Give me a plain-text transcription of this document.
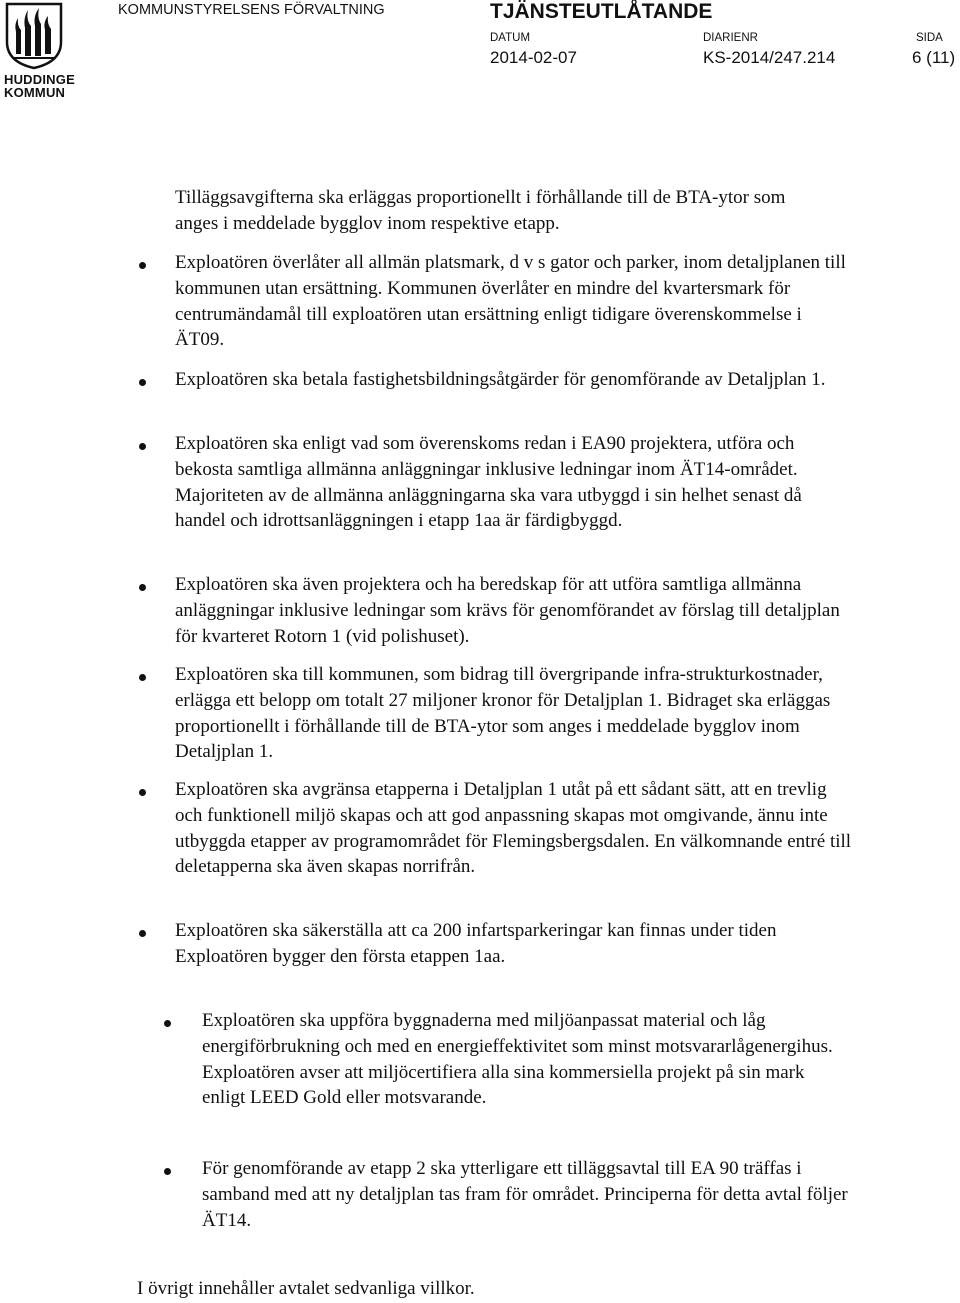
HUDDINGE
KOMMUN
KOMMUNSTYRELSENS FÖRVALTNING	TJÄNSTEUTLÅTANDE
DATUM
2014-02-07
DIARIENR
KS-2014/247.214
SIDA
6 (11)

Tilläggsavgifterna ska erläggas proportionellt i förhållande till de BTA-ytor som anges i meddelade bygglov inom respektive etapp.

Exploatören överlåter all allmän platsmark, d v s gator och parker, inom detaljplanen till kommunen utan ersättning. Kommunen överlåter en mindre del kvartersmark för centrumändamål till exploatören utan ersättning enligt tidigare överenskommelse i ÄT09.

Exploatören ska betala fastighetsbildningsåtgärder för genomförande av Detaljplan 1.

Exploatören ska enligt vad som överenskoms redan i EA90 projektera, utföra och bekosta samtliga allmänna anläggningar inklusive ledningar inom ÄT14-området. Majoriteten av de allmänna anläggningarna ska vara utbyggd i sin helhet senast då handel och idrottsanläggningen i etapp 1aa är färdigbyggd.

Exploatören ska även projektera och ha beredskap för att utföra samtliga allmänna anläggningar inklusive ledningar som krävs för genomförandet av förslag till detaljplan för kvarteret Rotorn 1 (vid polishuset).

Exploatören ska till kommunen, som bidrag till övergripande infra-strukturkostnader, erlägga ett belopp om totalt 27 miljoner kronor för Detaljplan 1. Bidraget ska erläggas proportionellt i förhållande till de BTA-ytor som anges i meddelade bygglov inom Detaljplan 1.

Exploatören ska avgränsa etapperna i Detaljplan 1 utåt på ett sådant sätt, att en trevlig och funktionell miljö skapas och att god anpassning skapas mot omgivande, ännu inte utbyggda etapper av programområdet för Flemingsbergsdalen. En välkomnande entré till deletapperna ska även skapas norrifrån.

Exploatören ska säkerställa att ca 200 infartsparkeringar kan finnas under tiden Exploatören bygger den första etappen 1aa.

Exploatören ska uppföra byggnaderna med miljöanpassat material och låg energiförbrukning och med en energieffektivitet som minst motsvararlågenergihus. Exploatören avser att miljöcertifiera alla sina kommersiella projekt på sin mark enligt LEED Gold eller motsvarande.

För genomförande av etapp 2 ska ytterligare ett tilläggsavtal till EA 90 träffas i samband med att ny detaljplan tas fram för området. Principerna för detta avtal följer ÄT14.

I övrigt innehåller avtalet sedvanliga villkor.
